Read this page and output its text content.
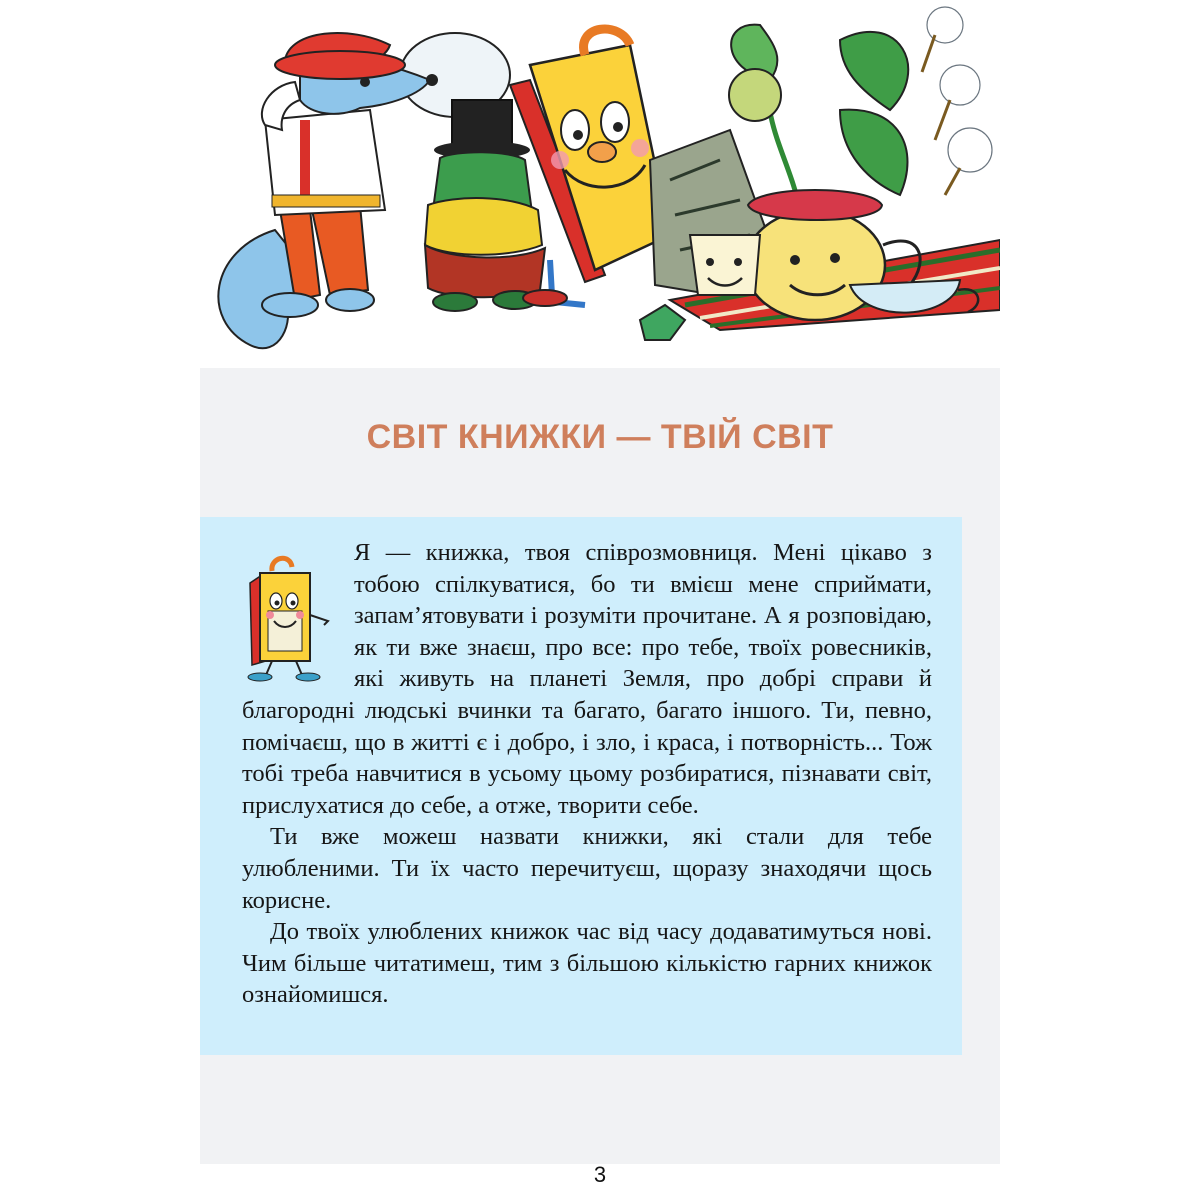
СВІТ КНИЖКИ — ТВІЙ СВІТ

Я — книжка, твоя співрозмовниця. Мені цікаво з тобою спілкуватися, бо ти вмієш мене сприймати, запам’ятовувати і розуміти прочитане. А я розповідаю, як ти вже знаєш, про все: про тебе, твоїх ровесників, які живуть на планеті Земля, про добрі справи й благородні людські вчинки та багато, багато іншого. Ти, певно, помічаєш, що в житті є і добро, і зло, і краса, і потворність... Тож тобі треба навчитися в усьому цьому розбиратися, пізнавати світ, прислухатися до себе, а отже, творити себе.

Ти вже можеш назвати книжки, які стали для тебе улюбленими. Ти їх часто перечитуєш, щоразу знаходячи щось корисне.

До твоїх улюблених книжок час від часу додаватимуться нові. Чим більше читатимеш, тим з більшою кількістю гарних книжок ознайомишся.

3
